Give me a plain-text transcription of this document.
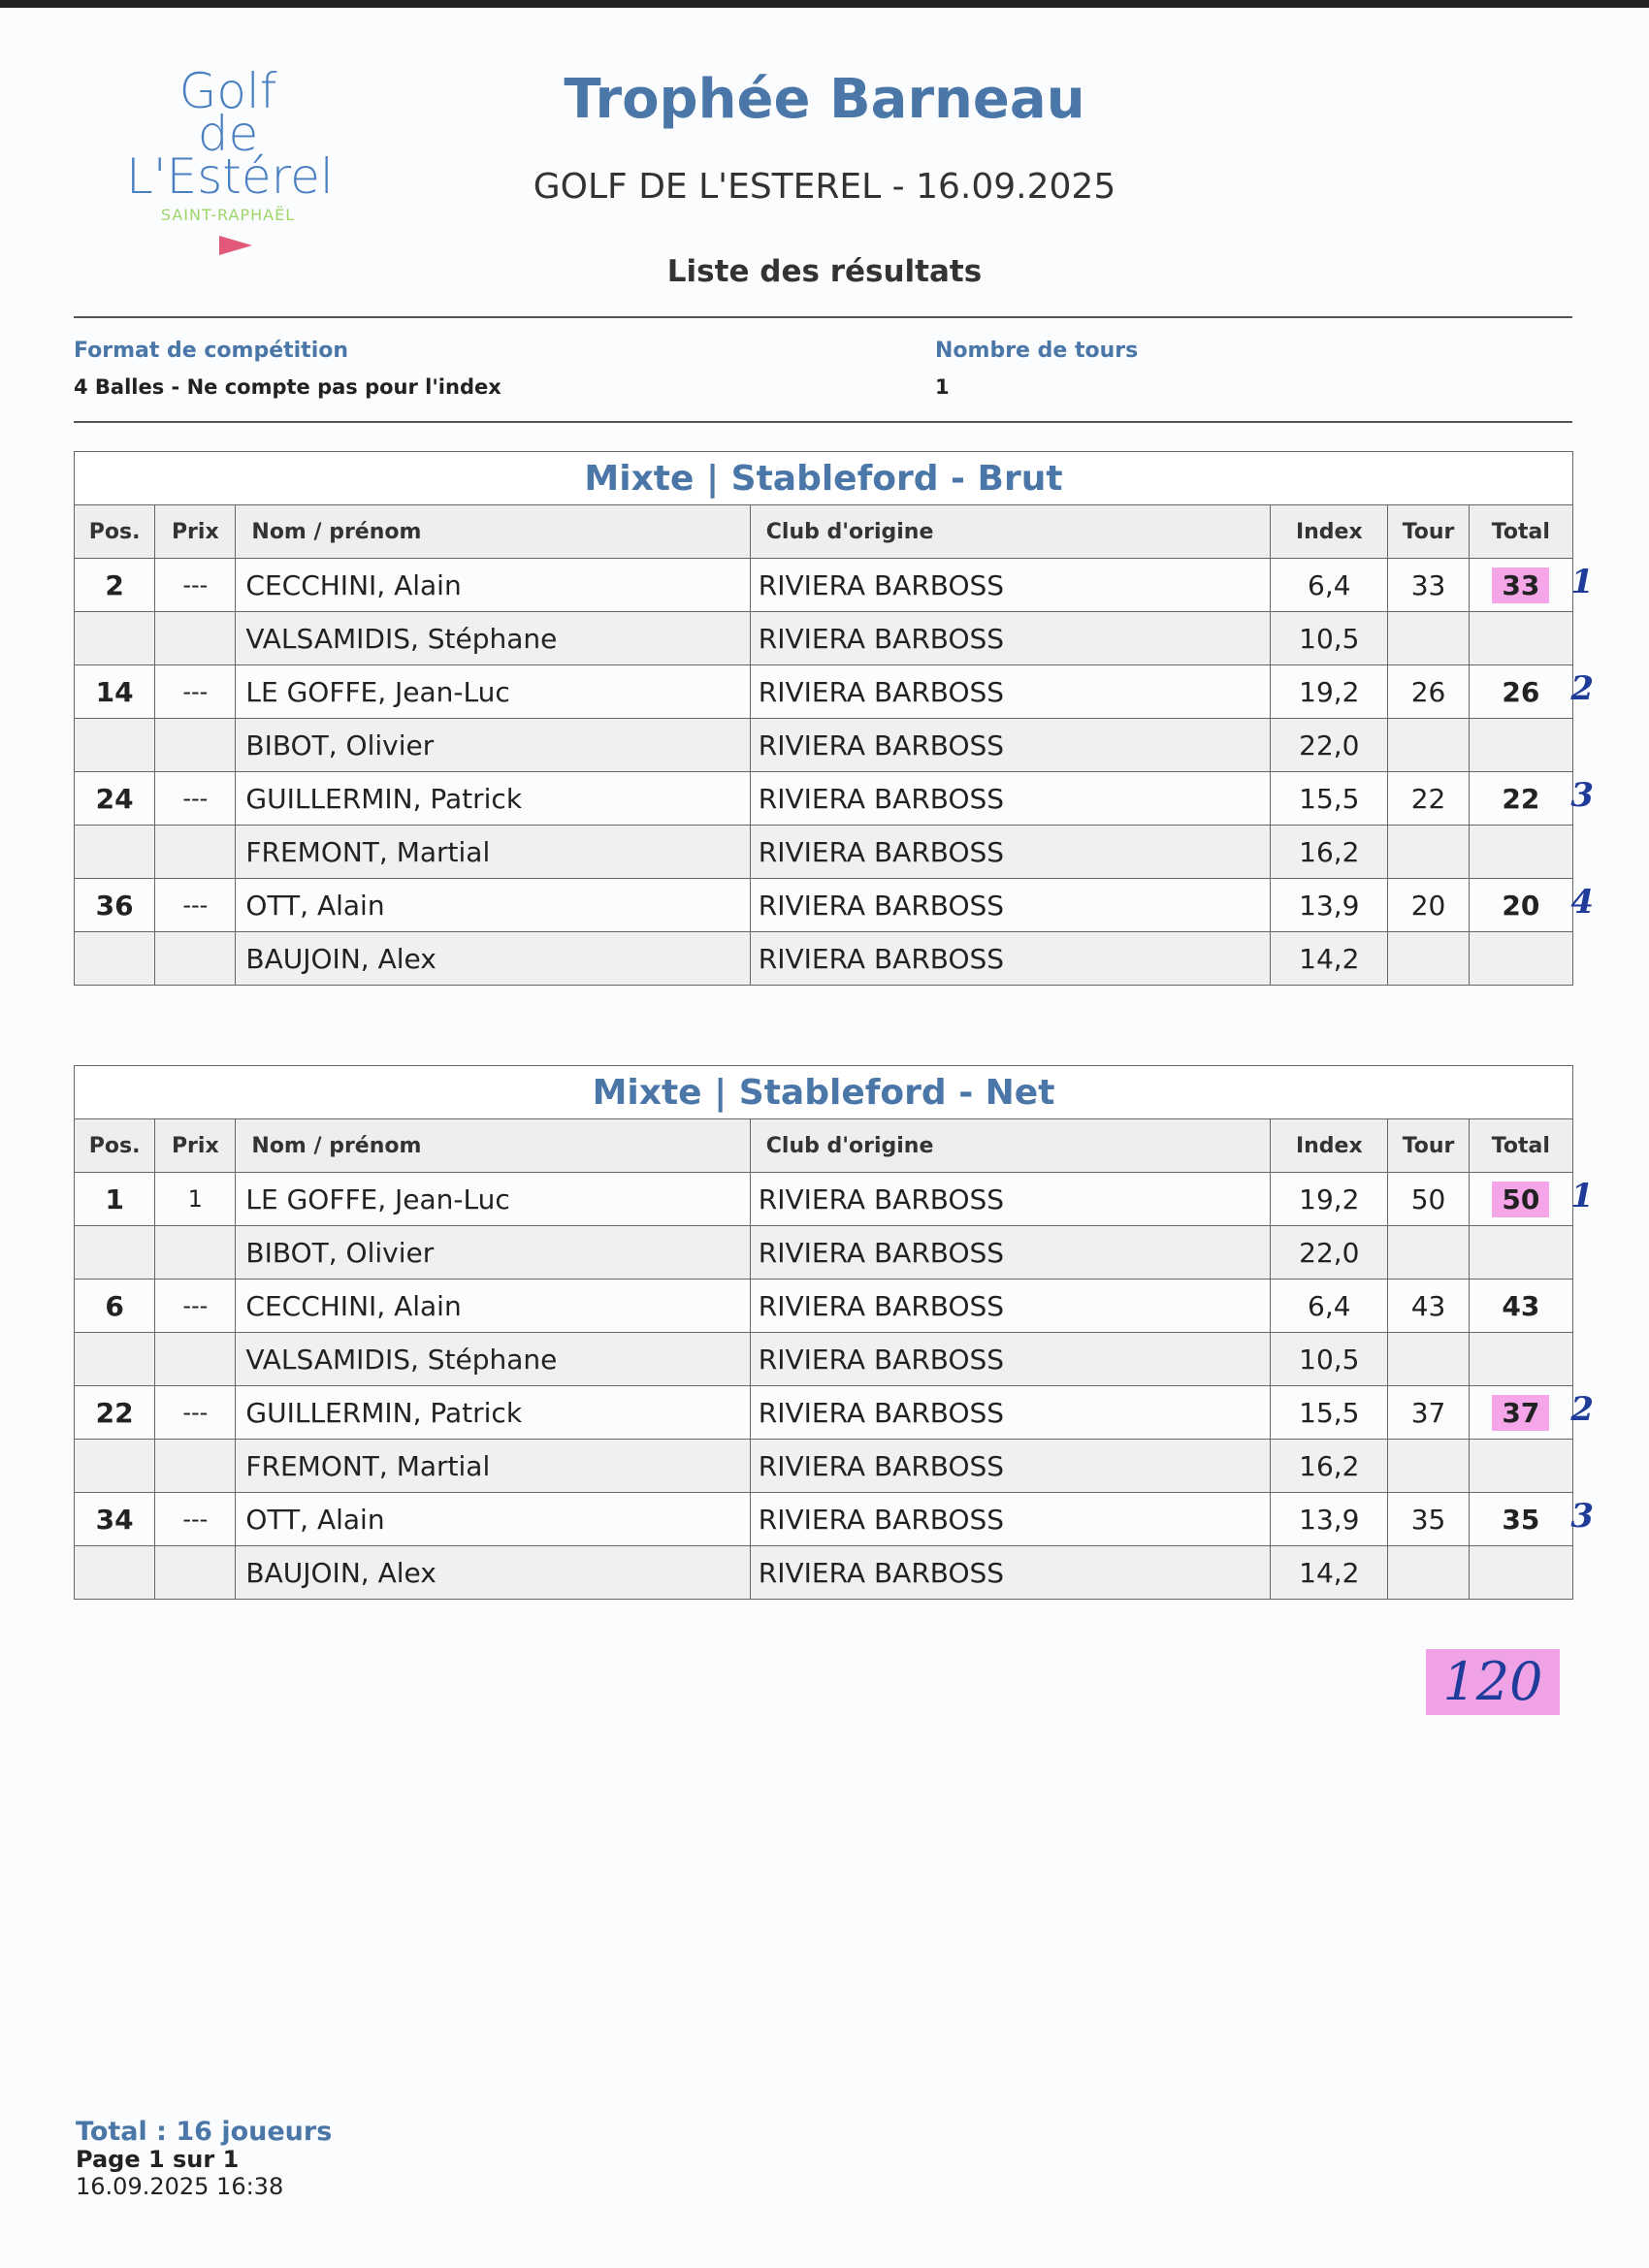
Golf
de
L'Estérel
SAINT-RAPHAËL
Trophée Barneau
GOLF DE L'ESTEREL - 16.09.2025
Liste des résultats
Format de compétition
4 Balles - Ne compte pas pour l'index
Nombre de tours
1
Mixte | Stableford - Brut						
Pos.	Prix	Nom / prénom	Club d'origine	Index	Tour	Total
2	---	CECCHINI, Alain	RIVIERA BARBOSS	6,4	33	33 1

		VALSAMIDIS, Stéphane	RIVIERA BARBOSS	10,5		
14	---	LE GOFFE, Jean-Luc	RIVIERA BARBOSS	19,2	26	26 2

		BIBOT, Olivier	RIVIERA BARBOSS	22,0		
24	---	GUILLERMIN, Patrick	RIVIERA BARBOSS	15,5	22	22 3

		FREMONT, Martial	RIVIERA BARBOSS	16,2		
36	---	OTT, Alain	RIVIERA BARBOSS	13,9	20	20 4

		BAUJOIN, Alex	RIVIERA BARBOSS	14,2		
Mixte | Stableford - Net						
Pos.	Prix	Nom / prénom	Club d'origine	Index	Tour	Total
1	1	LE GOFFE, Jean-Luc	RIVIERA BARBOSS	19,2	50	50 1

		BIBOT, Olivier	RIVIERA BARBOSS	22,0		
6	---	CECCHINI, Alain	RIVIERA BARBOSS	6,4	43	43
		VALSAMIDIS, Stéphane	RIVIERA BARBOSS	10,5		
22	---	GUILLERMIN, Patrick	RIVIERA BARBOSS	15,5	37	37 2

		FREMONT, Martial	RIVIERA BARBOSS	16,2		
34	---	OTT, Alain	RIVIERA BARBOSS	13,9	35	35 3

		BAUJOIN, Alex	RIVIERA BARBOSS	14,2		
120
Total : 16 joueurs
Page 1 sur 1
16.09.2025 16:38
